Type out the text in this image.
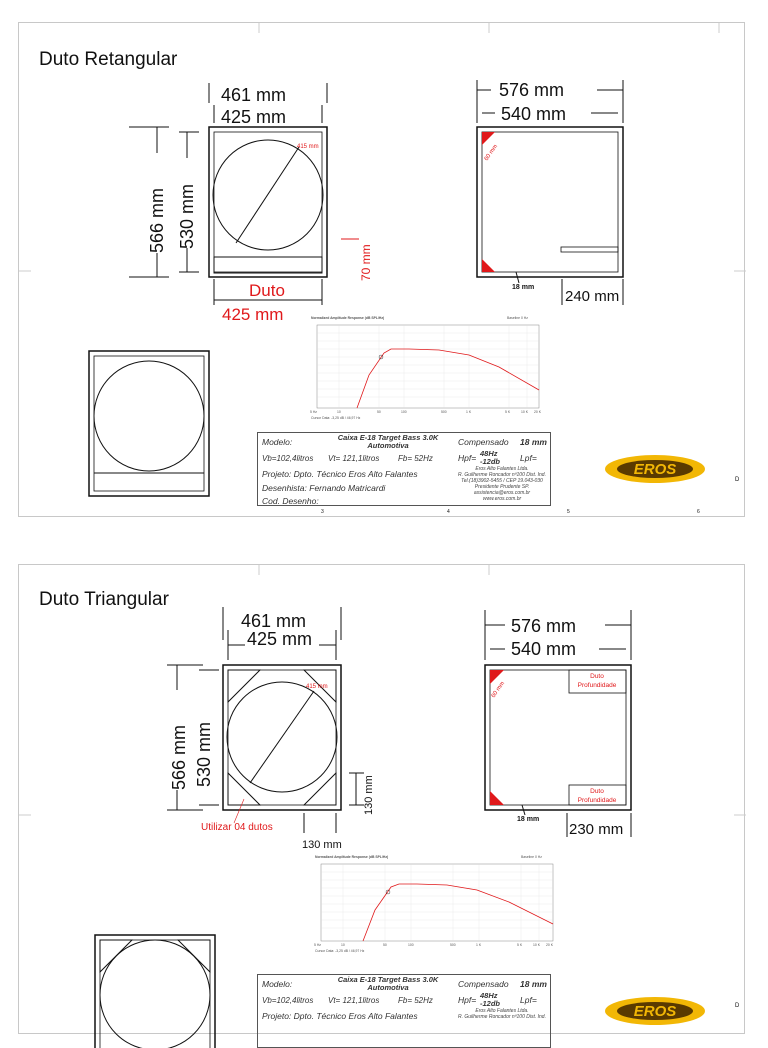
Duto Retangular
415 mm
461 mm
425 mm
566 mm 530 mm
70 mm
Duto
425 mm
60 mm
18 mm
240 mm
576 mm
540 mm
Normalized Amplitude Response (dB SPL/Hz)	Baseline 0 Hz
5 Hz	10	50	100	500	1 K	5 K	10 K 20 K
Cursor Data: -3,25 dB / 46,97 Hz
D
3	4	5	6
Modelo:	Caixa E-18 Target Bass 3.0K Automotiva
Vb=102,4litros Vt= 121,1litros Fb= 52Hz
Projeto: Dpto. Técnico Eros Alto Falantes
Desenhista: Fernando Matricardi
Cod. Desenho:
Compensado 18 mm
Hpf= 48Hz -12db	Lpf=
Eros Alto Falantes Ltda.
R. Guilherme Roncador nº100 Dist. Ind.
Tel.(18)3902-5455 / CEP 19.043-030
Presidente Prudente SP.
assistencia@eros.com.br
www.eros.com.br
EROS
LOUDSPEAKERS
Duto Triangular
415 mm
461 mm
425 mm
566 mm 530 mm
130 mm
130 mm
Utilizar 04 dutos
Duto
Profundidade
Duto
Profundidade
60 mm
18 mm
230 mm
576 mm
540 mm
Normalized Amplitude Response (dB SPL/Hz)	Baseline 0 Hz
5 Hz	10	50	100	500	1 K	5 K	10 K 20 K
Cursor Data: -3,25 dB / 46,97 Hz
D
Modelo:	Caixa E-18 Target Bass 3.0K Automotiva
Vb=102,4litros Vt= 121,1litros Fb= 52Hz
Projeto: Dpto. Técnico Eros Alto Falantes
Compensado 18 mm
Hpf= 48Hz -12db	Lpf=
Eros Alto Falantes Ltda.
R. Guilherme Roncador nº100 Dist. Ind.	EROS
